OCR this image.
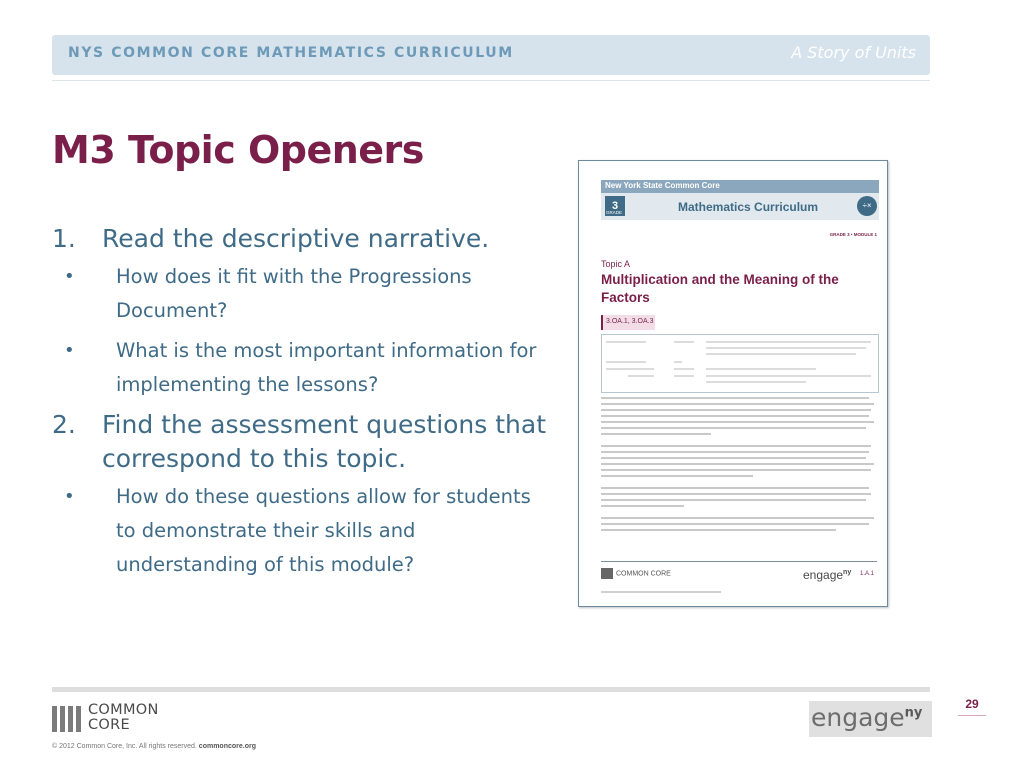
NYS COMMON CORE MATHEMATICS CURRICULUM	A Story of Units
M3 Topic Openers
1. Read the descriptive narrative.
• How does it fit with the Progressions Document?
• What is the most important information for implementing the lessons?
2. Find the assessment questions that correspond to this topic.
• How do these questions allow for students to demonstrate their skills and understanding of this module?
New York State Common Core
3
GRADE	Mathematics Curriculum	÷×
GRADE 3 • MODULE 1
Topic A
Multiplication and the Meaning of the Factors
3.OA.1, 3.OA.3
COMMON CORE	engage$^{ny}$ 1.A.1
29
COMMON
CORE	engage$^{ny}$
© 2012 Common Core, Inc. All rights reserved. commoncore.org
